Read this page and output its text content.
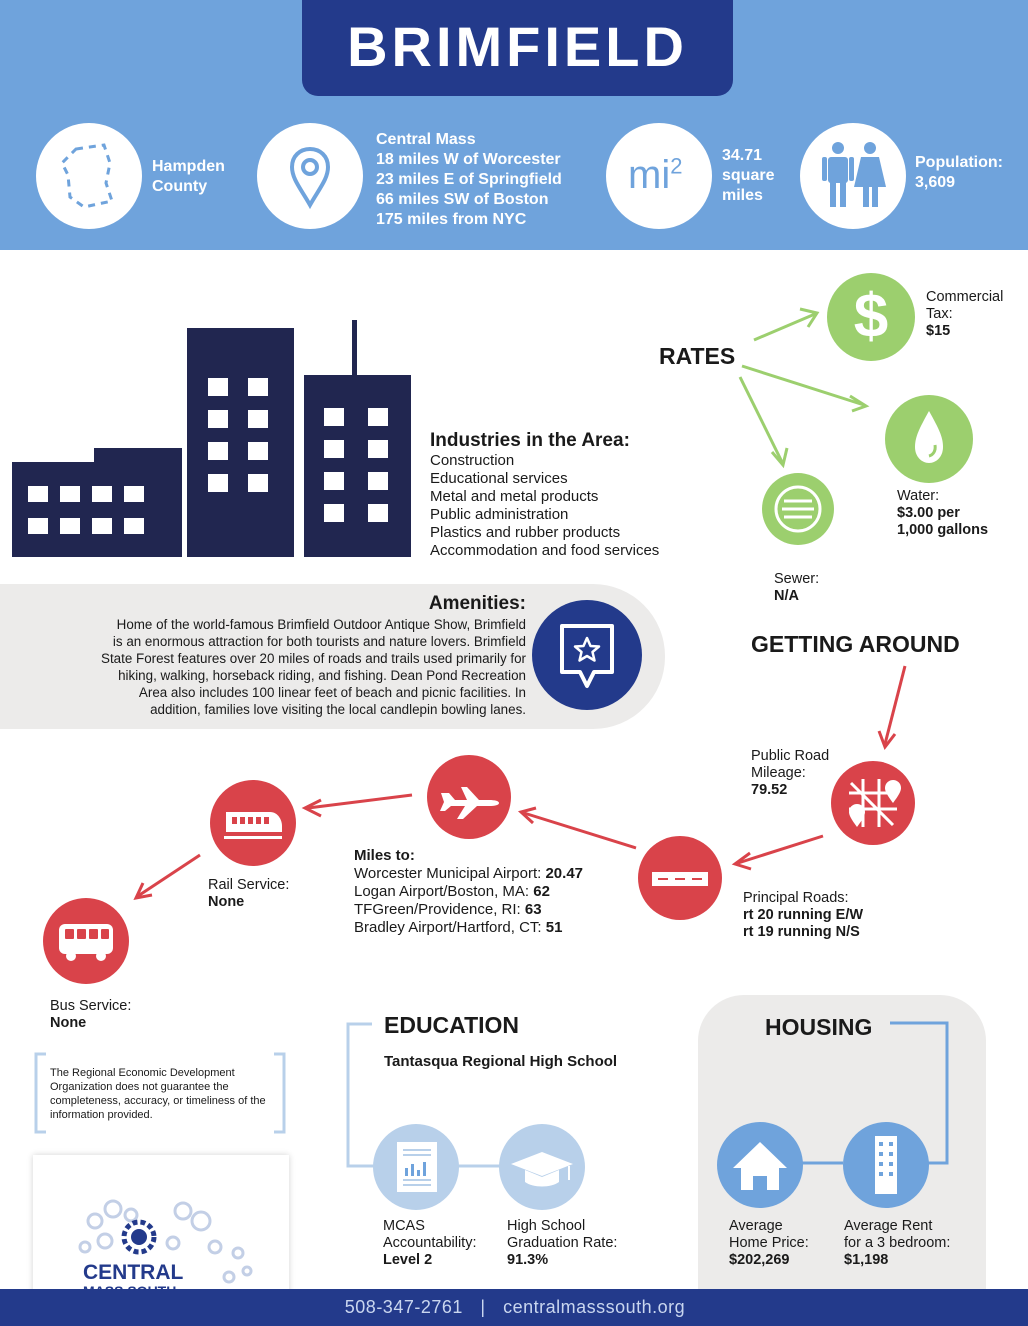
BRIMFIELD
Hampden
County
Central Mass
18 miles W of Worcester
23 miles E of Springfield
66 miles SW of Boston
175 miles from NYC
$mi^2$ 34.71
square
miles
Population:
3,609
Industries in the Area:
Construction
Educational services
Metal and metal products
Public administration
Plastics and rubber products
Accommodation and food services
RATES
$	Commercial
Tax:
$15
Water:
$3.00 per
1,000 gallons
Sewer:
N/A
Amenities:
Home of the world-famous Brimfield Outdoor Antique Show, Brimfield
is an enormous attraction for both tourists and nature lovers. Brimfield
State Forest features over 20 miles of roads and trails used primarily for
hiking, walking, horseback riding, and fishing. Dean Pond Recreation
Area also includes 100 linear feet of beach and picnic facilities. In
addition, families love visiting the local candlepin bowling lanes.
GETTING AROUND
Public Road
Mileage:
79.52
Principal Roads:
rt 20 running E/W
rt 19 running N/S
Miles to:
Worcester Municipal Airport: 20.47
Logan Airport/Boston, MA: 62
TFGreen/Providence, RI: 63
Bradley Airport/Hartford, CT: 51
Rail Service:
None
Bus Service:
None
The Regional Economic Development Organization does not guarantee the completeness, accuracy, or timeliness of the information provided.
CENTRAL
EDUCATION
Tantasqua Regional High School
MCAS
Accountability:
Level 2
High School
Graduation Rate:
91.3%
HOUSING
Average
Home Price:
$202,269
Average Rent
for a 3 bedroom:
$1,198
508-347-2761 | centralmasssouth.org
